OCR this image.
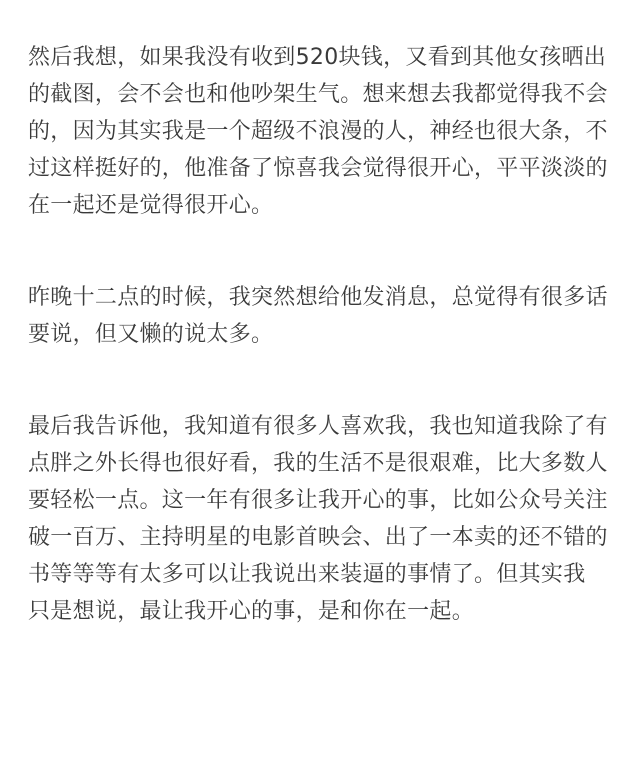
然后我想，如果我没有收到520块钱，又看到其他女孩晒出
的截图，会不会也和他吵架生气。想来想去我都觉得我不会
的，因为其实我是一个超级不浪漫的人，神经也很大条，不
过这样挺好的，他准备了惊喜我会觉得很开心，平平淡淡的
在一起还是觉得很开心。
昨晚十二点的时候，我突然想给他发消息，总觉得有很多话
要说，但又懒的说太多。
最后我告诉他，我知道有很多人喜欢我，我也知道我除了有
点胖之外长得也很好看，我的生活不是很艰难，比大多数人
要轻松一点。这一年有很多让我开心的事，比如公众号关注
破一百万、主持明星的电影首映会、出了一本卖的还不错的
书等等等有太多可以让我说出来装逼的事情了。但其实我
只是想说，最让我开心的事，是和你在一起。
